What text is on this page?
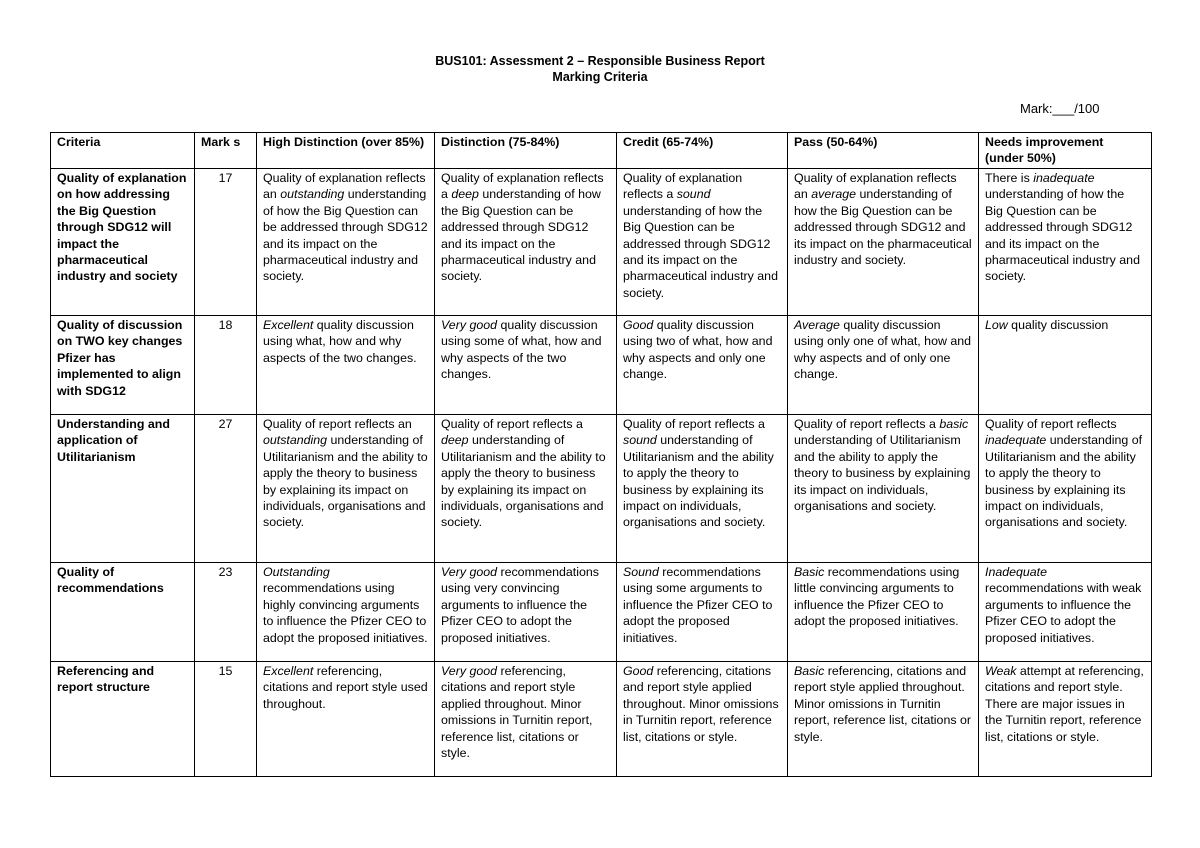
BUS101: Assessment 2 – Responsible Business Report
Marking Criteria
Mark:___/100
Criteria	Mark s	High Distinction (over 85%)	Distinction (75-84%)	Credit (65-74%)	Pass (50-64%)	Needs improvement (under 50%)
Quality of explanation on how addressing the Big Question through SDG12 will impact the pharmaceutical industry and society	17	Quality of explanation reflects an outstanding understanding of how the Big Question can be addressed through SDG12 and its impact on the pharmaceutical industry and society.	Quality of explanation reflects a deep understanding of how the Big Question can be addressed through SDG12 and its impact on the pharmaceutical industry and society.	Quality of explanation reflects a sound understanding of how the Big Question can be addressed through SDG12 and its impact on the pharmaceutical industry and society.	Quality of explanation reflects an average understanding of how the Big Question can be addressed through SDG12 and its impact on the pharmaceutical industry and society.	There is inadequate understanding of how the Big Question can be addressed through SDG12 and its impact on the pharmaceutical industry and society.
Quality of discussion on TWO key changes Pfizer has implemented to align with SDG12	18	Excellent quality discussion using what, how and why aspects of the two changes.	Very good quality discussion using some of what, how and why aspects of the two changes.	Good quality discussion using two of what, how and why aspects and only one change.	Average quality discussion using only one of what, how and why aspects and of only one change.	Low quality discussion
Understanding and application of Utilitarianism	27	Quality of report reflects an outstanding understanding of Utilitarianism and the ability to apply the theory to business by explaining its impact on individuals, organisations and society.	Quality of report reflects a deep understanding of Utilitarianism and the ability to apply the theory to business by explaining its impact on individuals, organisations and society.	Quality of report reflects a sound understanding of Utilitarianism and the ability to apply the theory to business by explaining its impact on individuals, organisations and society.	Quality of report reflects a basic understanding of Utilitarianism and the ability to apply the theory to business by explaining its impact on individuals, organisations and society.	Quality of report reflects inadequate understanding of Utilitarianism and the ability to apply the theory to business by explaining its impact on individuals, organisations and society.
Quality of recommendations	23	Outstanding recommendations using highly convincing arguments to influence the Pfizer CEO to adopt the proposed initiatives.	Very good recommendations using very convincing arguments to influence the Pfizer CEO to adopt the proposed initiatives.	Sound recommendations using some arguments to influence the Pfizer CEO to adopt the proposed initiatives.	Basic recommendations using little convincing arguments to influence the Pfizer CEO to adopt the proposed initiatives.	Inadequate recommendations with weak arguments to influence the Pfizer CEO to adopt the proposed initiatives.
Referencing and report structure	15	Excellent referencing, citations and report style used throughout.	Very good referencing, citations and report style applied throughout. Minor omissions in Turnitin report, reference list, citations or style.	Good referencing, citations and report style applied throughout. Minor omissions in Turnitin report, reference list, citations or style.	Basic referencing, citations and report style applied throughout. Minor omissions in Turnitin report, reference list, citations or style.	Weak attempt at referencing, citations and report style. There are major issues in the Turnitin report, reference list, citations or style.
